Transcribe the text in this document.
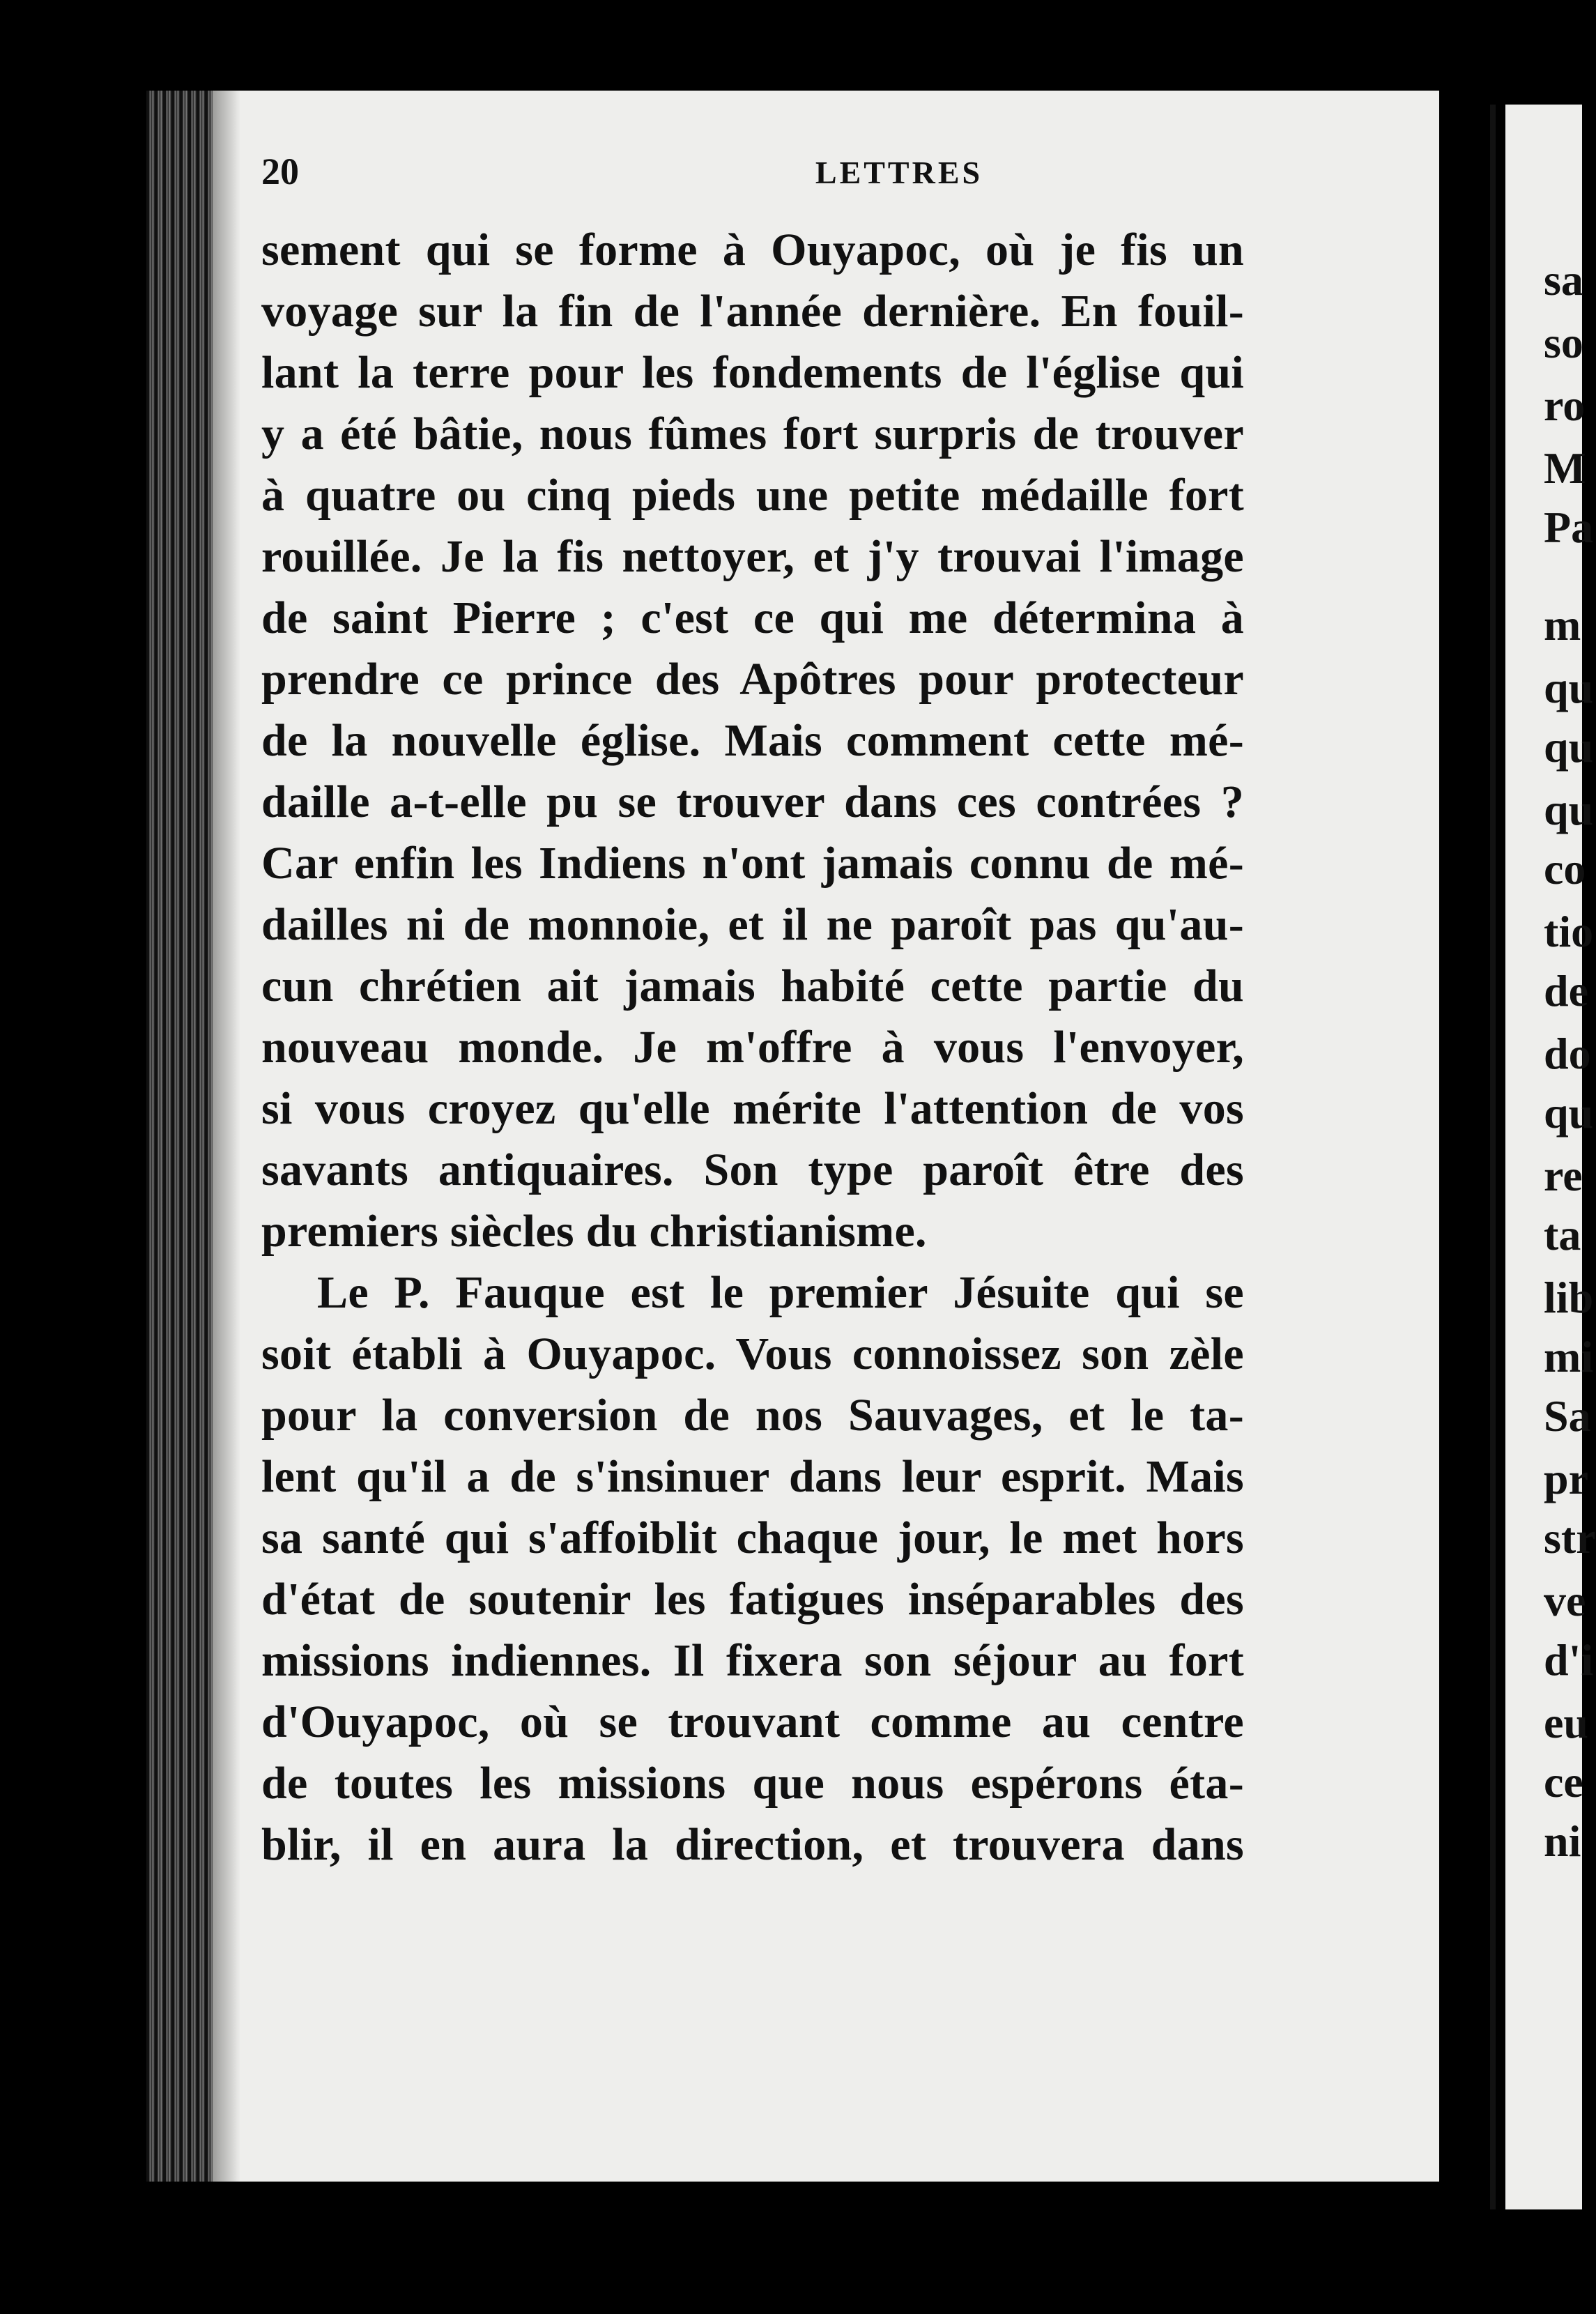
sa
so
ro
M
Pa
m
qu
qu
qu
co
tio
de
do
qu
re
ta
lib
mi
Sa
pr
str
ve
d'i
eu
ce
ni
20	LETTRES
sement qui se forme à Ouyapoc, où je fis un
voyage sur la fin de l'année dernière. En fouil-
lant la terre pour les fondements de l'église qui
y a été bâtie, nous fûmes fort surpris de trouver
à quatre ou cinq pieds une petite médaille fort
rouillée. Je la fis nettoyer, et j'y trouvai l'image
de saint Pierre ; c'est ce qui me détermina à
prendre ce prince des Apôtres pour protecteur
de la nouvelle église. Mais comment cette mé-
daille a-t-elle pu se trouver dans ces contrées ?
Car enfin les Indiens n'ont jamais connu de mé-
dailles ni de monnoie, et il ne paroît pas qu'au-
cun chrétien ait jamais habité cette partie du
nouveau monde. Je m'offre à vous l'envoyer,
si vous croyez qu'elle mérite l'attention de vos
savants antiquaires. Son type paroît être des
premiers siècles du christianisme.
Le P. Fauque est le premier Jésuite qui se
soit établi à Ouyapoc. Vous connoissez son zèle
pour la conversion de nos Sauvages, et le ta-
lent qu'il a de s'insinuer dans leur esprit. Mais
sa santé qui s'affoiblit chaque jour, le met hors
d'état de soutenir les fatigues inséparables des
missions indiennes. Il fixera son séjour au fort
d'Ouyapoc, où se trouvant comme au centre
de toutes les missions que nous espérons éta-
blir, il en aura la direction, et trouvera dans
